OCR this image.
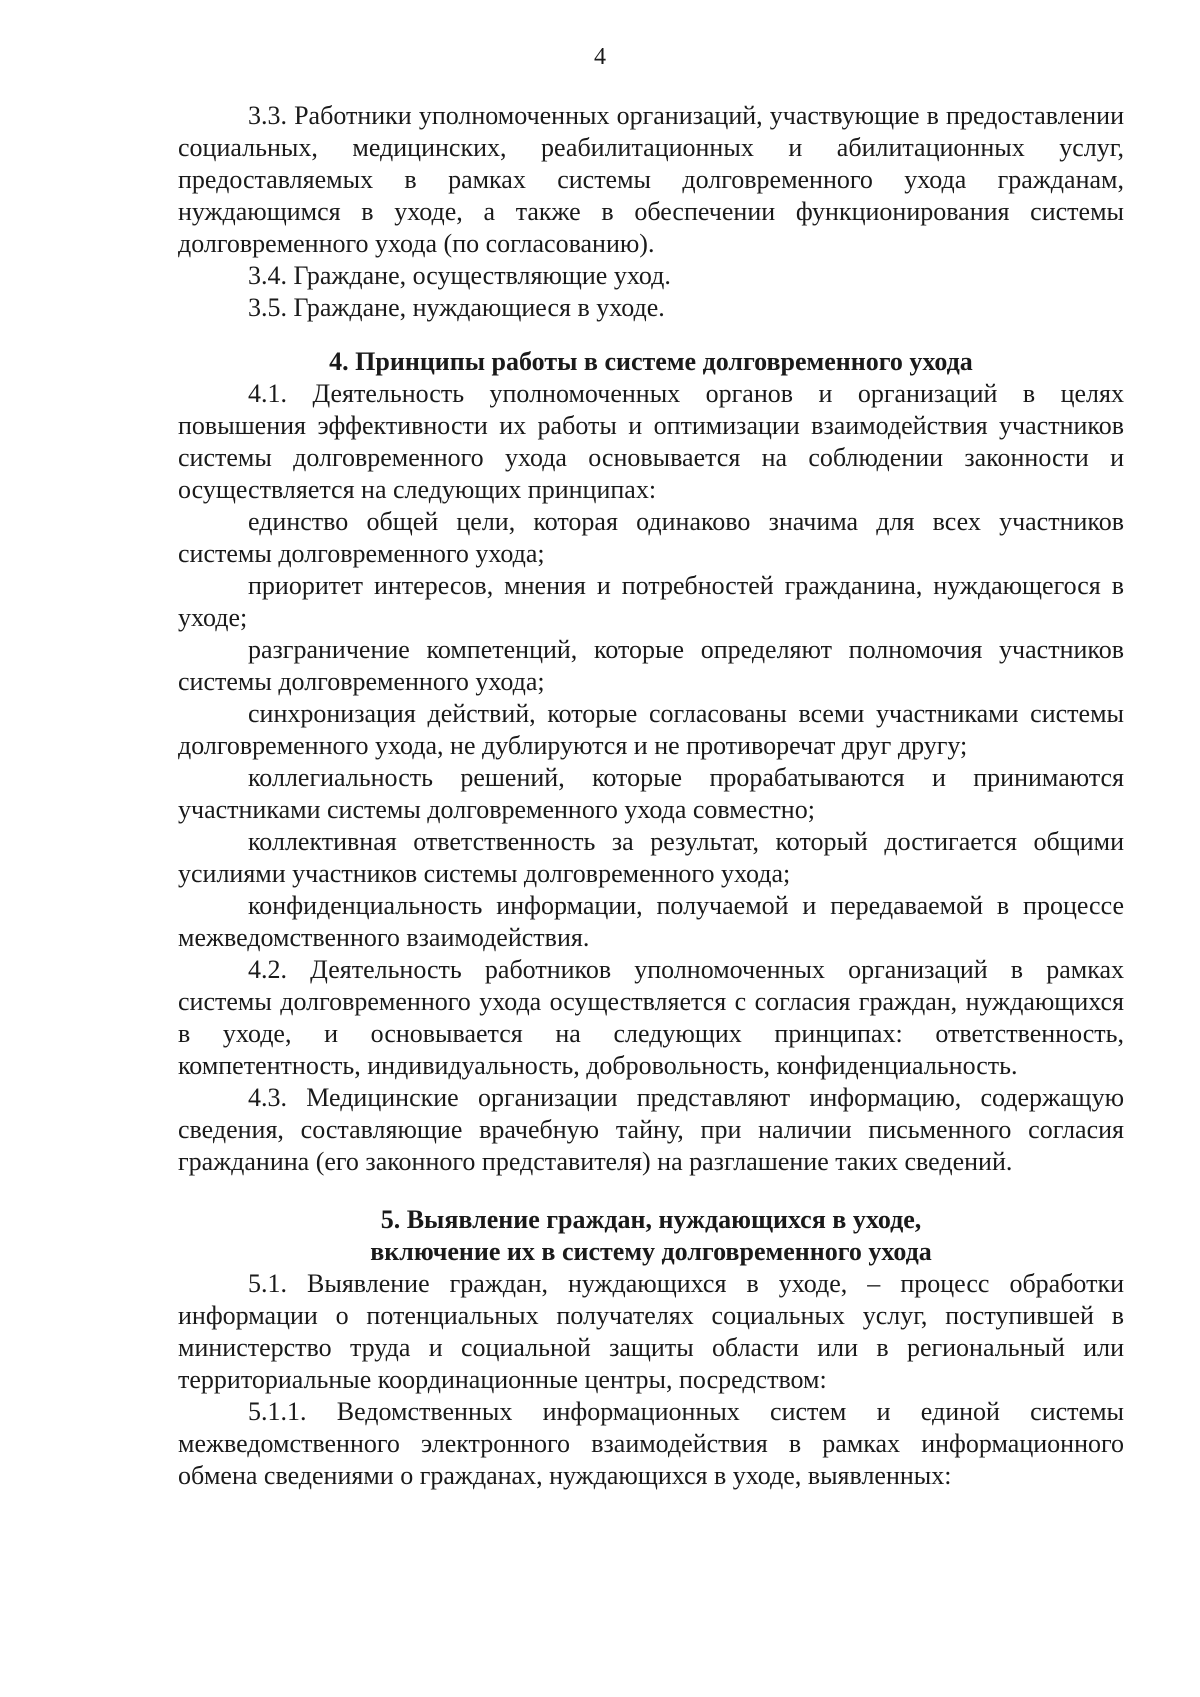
4

3.3. Работники уполномоченных организаций, участвующие в предоставлении социальных, медицинских, реабилитационных и абилитационных услуг, предоставляемых в рамках системы долговременного ухода гражданам, нуждающимся в уходе, а также в обеспечении функционирования системы долговременного ухода (по согласованию).

3.4. Граждане, осуществляющие уход.

3.5. Граждане, нуждающиеся в уходе.

4. Принципы работы в системе долговременного ухода

4.1. Деятельность уполномоченных органов и организаций в целях повышения эффективности их работы и оптимизации взаимодействия участников системы долговременного ухода основывается на соблюдении законности и осуществляется на следующих принципах:

единство общей цели, которая одинаково значима для всех участников системы долговременного ухода;

приоритет интересов, мнения и потребностей гражданина, нуждающегося в уходе;

разграничение компетенций, которые определяют полномочия участников системы долговременного ухода;

синхронизация действий, которые согласованы всеми участниками системы долговременного ухода, не дублируются и не противоречат друг другу;

коллегиальность решений, которые прорабатываются и принимаются участниками системы долговременного ухода совместно;

коллективная ответственность за результат, который достигается общими усилиями участников системы долговременного ухода;

конфиденциальность информации, получаемой и передаваемой в процессе межведомственного взаимодействия.

4.2. Деятельность работников уполномоченных организаций в рамках системы долговременного ухода осуществляется с согласия граждан, нуждающихся в уходе, и основывается на следующих принципах: ответственность, компетентность, индивидуальность, добровольность, конфиденциальность.

4.3. Медицинские организации представляют информацию, содержащую сведения, составляющие врачебную тайну, при наличии письменного согласия гражданина (его законного представителя) на разглашение таких сведений.

5. Выявление граждан, нуждающихся в уходе,
включение их в систему долговременного ухода

5.1. Выявление граждан, нуждающихся в уходе, – процесс обработки информации о потенциальных получателях социальных услуг, поступившей в министерство труда и социальной защиты области или в региональный или территориальные координационные центры, посредством:

5.1.1. Ведомственных информационных систем и единой системы межведомственного электронного взаимодействия в рамках информационного обмена сведениями о гражданах, нуждающихся в уходе, выявленных:
